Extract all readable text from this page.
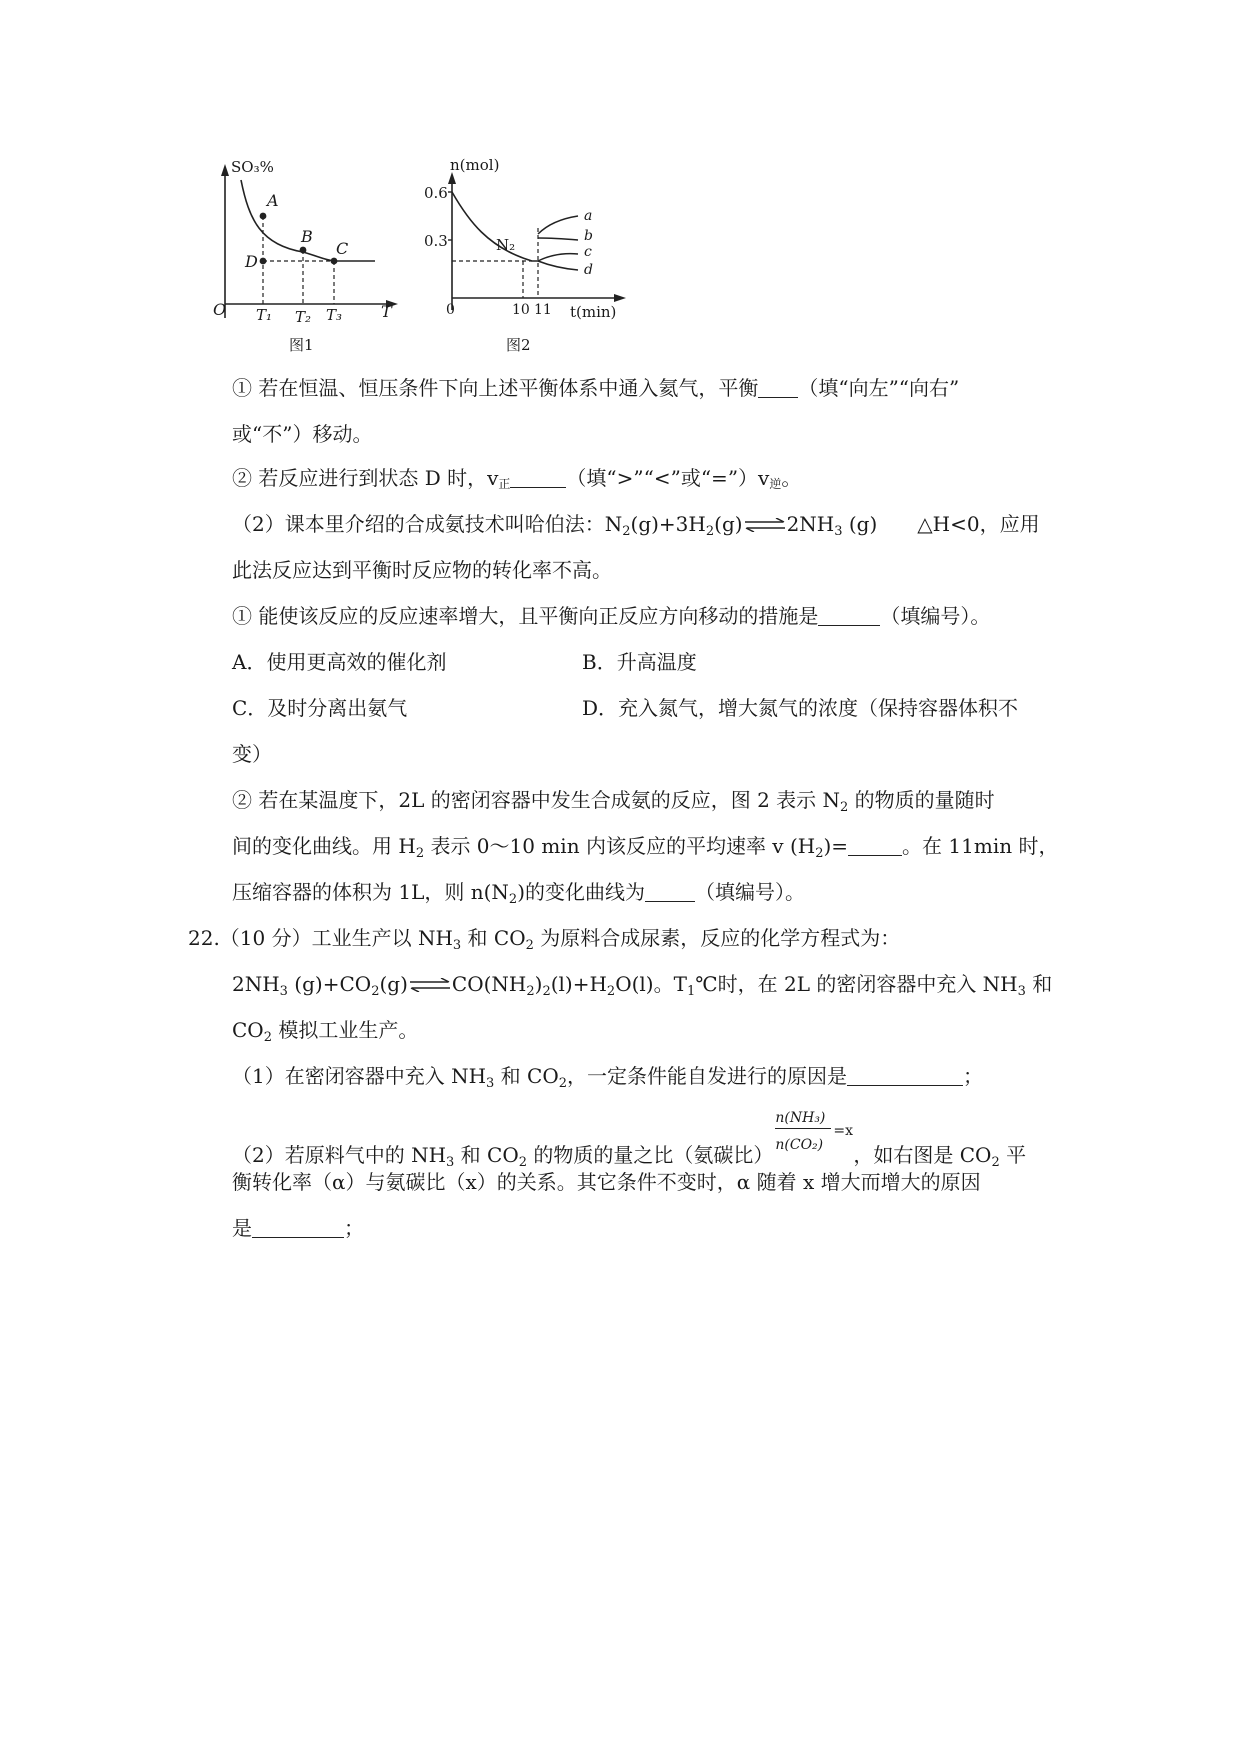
SO₃%
A
B
C
D
O T₁ T₂ T₃ T
图1
n(mol)
0.6
0.3	N₂
a
b
c
d
0	10 11 t(min)
图2
① 若在恒温、恒压条件下向上述平衡体系中通入氦气，平衡 （填“向左”“向右”
或“不”）移动。
② 若反应进行到状态 D 时，v正	（填“>”“<”或“=”）v逆。
（2）课本里介绍的合成氨技术叫哈伯法：$N_2(g)+3H_2(g)\rightleftharpoons 2NH_3$ (g) △H<0，应用
此法反应达到平衡时反应物的转化率不高。
① 能使该反应的反应速率增大，且平衡向正反应方向移动的措施是	（填编号）。
A．使用更高效的催化剂	B．升高温度
C．及时分离出氨气	D．充入氮气，增大氮气的浓度（保持容器体积不
变）
② 若在某温度下，2L 的密闭容器中发生合成氨的反应，图 2 表示 $N_2$ 的物质的量随时
间的变化曲线。用 $H_2$ 表示 0～10 min 内该反应的平均速率 v $(H_2)=$	。在 11min 时，
压缩容器的体积为 1L，则 $n(N_2)$的变化曲线为	（填编号）。
22.（10 分）工业生产以 $NH_3$ 和 $CO_2$ 为原料合成尿素，反应的化学方程式为：
$2NH_3$ $(g)+CO_2(g)\rightleftharpoons CO(NH_2)_2(l)+H_2O(l)$。$T_1℃$时，在 2L 的密闭容器中充入 $NH_3$ 和
$CO_2$ 模拟工业生产。
（1）在密闭容器中充入 $NH_3$ 和 $CO_2$，一定条件能自发进行的原因是	；
（2）若原料气中的 $NH_3$ 和 $CO_2$ 的物质的量之比（氨碳比）
n(NH₃)
n(CO₂)
=x
，如右图是 $CO_2$ 平
衡转化率（α）与氨碳比（x）的关系。其它条件不变时，α 随着 x 增大而增大的原因
是	；
